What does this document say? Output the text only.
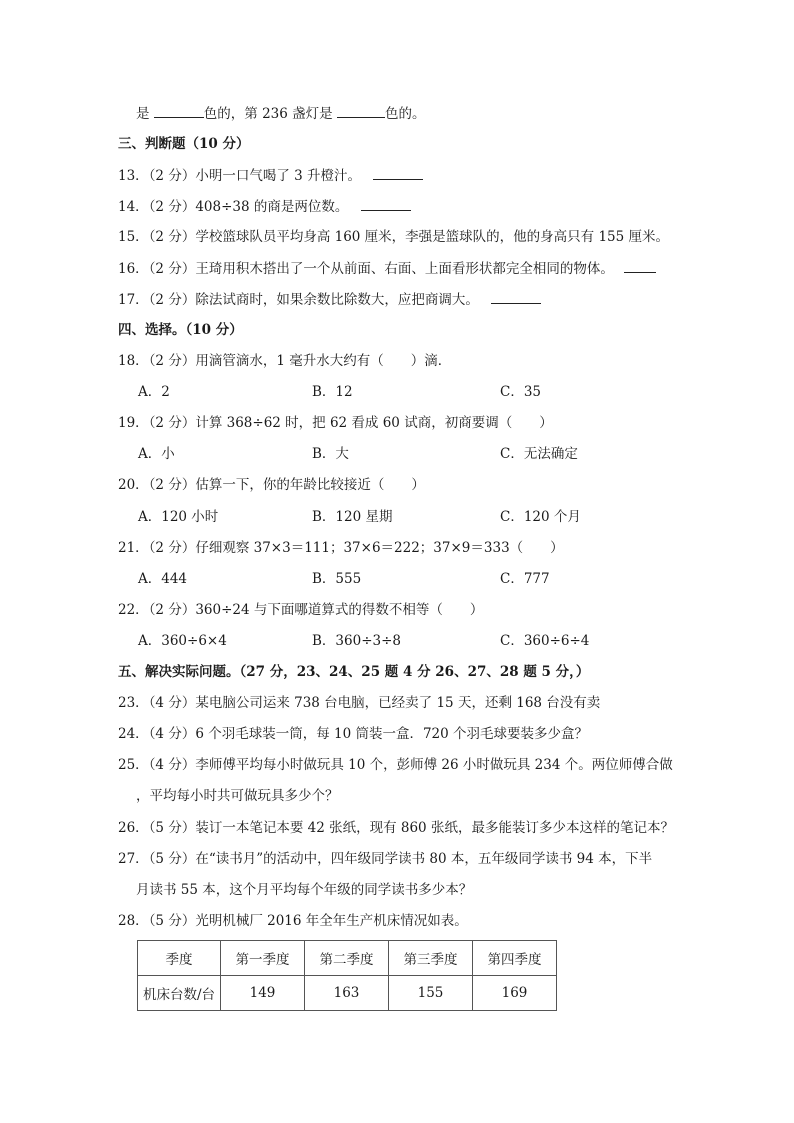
是	色的，第 236 盏灯是	色的。
三、判断题（10 分）
13．（2 分）小明一口气喝了 3 升橙汁。
14．（2 分）408÷38 的商是两位数。
15．（2 分）学校篮球队员平均身高 160 厘米，李强是篮球队的，他的身高只有 155 厘米。
16．（2 分）王琦用积木搭出了一个从前面、右面、上面看形状都完全相同的物体。
17．（2 分）除法试商时，如果余数比除数大，应把商调大。
四、选择。（10 分）
18．（2 分）用滴管滴水，1 毫升水大约有（　　）滴．
A．2	B．12	C．35
19．（2 分）计算 368÷62 时，把 62 看成 60 试商，初商要调（　　）
A．小	B．大	C．无法确定
20．（2 分）估算一下，你的年龄比较接近（　　）
A．120 小时	B．120 星期	C．120 个月
21．（2 分）仔细观察 37×3＝111；37×6＝222；37×9＝333（　　）
A．444	B．555	C．777
22．（2 分）360÷24 与下面哪道算式的得数不相等（　　）
A．360÷6×4	B．360÷3÷8	C．360÷6÷4
五、解决实际问题。（27 分，23、24、25 题 4 分 26、27、28 题 5 分，）
23．（4 分）某电脑公司运来 738 台电脑，已经卖了 15 天，还剩 168 台没有卖
24．（4 分）6 个羽毛球装一筒，每 10 筒装一盒．720 个羽毛球要装多少盒？
25．（4 分）李师傅平均每小时做玩具 10 个，彭师傅 26 小时做玩具 234 个。两位师傅合做
，平均每小时共可做玩具多少个？
26．（5 分）装订一本笔记本要 42 张纸，现有 860 张纸，最多能装订多少本这样的笔记本？
27．（5 分）在“读书月”的活动中，四年级同学读书 80 本，五年级同学读书 94 本，下半
月读书 55 本，这个月平均每个年级的同学读书多少本？
28．（5 分）光明机械厂 2016 年全年生产机床情况如表。
季度	第一季度	第二季度	第三季度	第四季度
机床台数/台	149	163	155	169
